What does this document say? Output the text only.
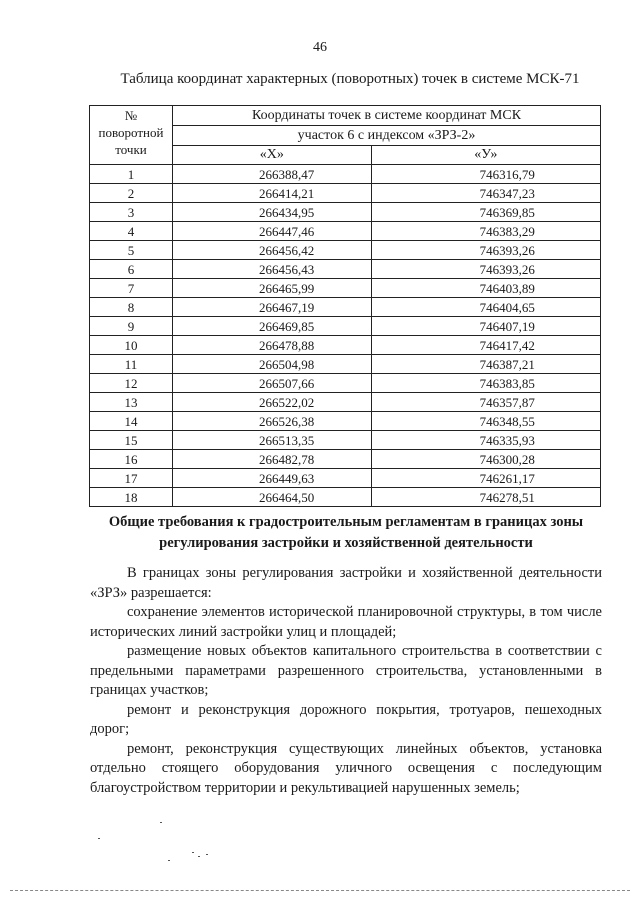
46
Таблица координат характерных (поворотных) точек в системе МСК-71
№
поворотной
точки	Координаты точек в системе координат МСК	
	участок 6 с индексом «ЗРЗ-2»	
	«X»	«У»
1	266388,47	746316,79
2	266414,21	746347,23
3	266434,95	746369,85
4	266447,46	746383,29
5	266456,42	746393,26
6	266456,43	746393,26
7	266465,99	746403,89
8	266467,19	746404,65
9	266469,85	746407,19
10	266478,88	746417,42
11	266504,98	746387,21
12	266507,66	746383,85
13	266522,02	746357,87
14	266526,38	746348,55
15	266513,35	746335,93
16	266482,78	746300,28
17	266449,63	746261,17
18	266464,50	746278,51
Общие требования к градостроительным регламентам в границах зоны регулирования застройки и хозяйственной деятельности

В границах зоны регулирования застройки и хозяйственной деятельности «ЗРЗ» разрешается:

сохранение элементов исторической планировочной структуры, в том числе исторических линий застройки улиц и площадей;

размещение новых объектов капитального строительства в соответствии с предельными параметрами разрешенного строительства, установленными в границах участков;

ремонт и реконструкция дорожного покрытия, тротуаров, пешеходных дорог;

ремонт, реконструкция существующих линейных объектов, установка отдельно стоящего оборудования уличного освещения с последующим благоустройством территории и рекультивацией нарушенных земель;
